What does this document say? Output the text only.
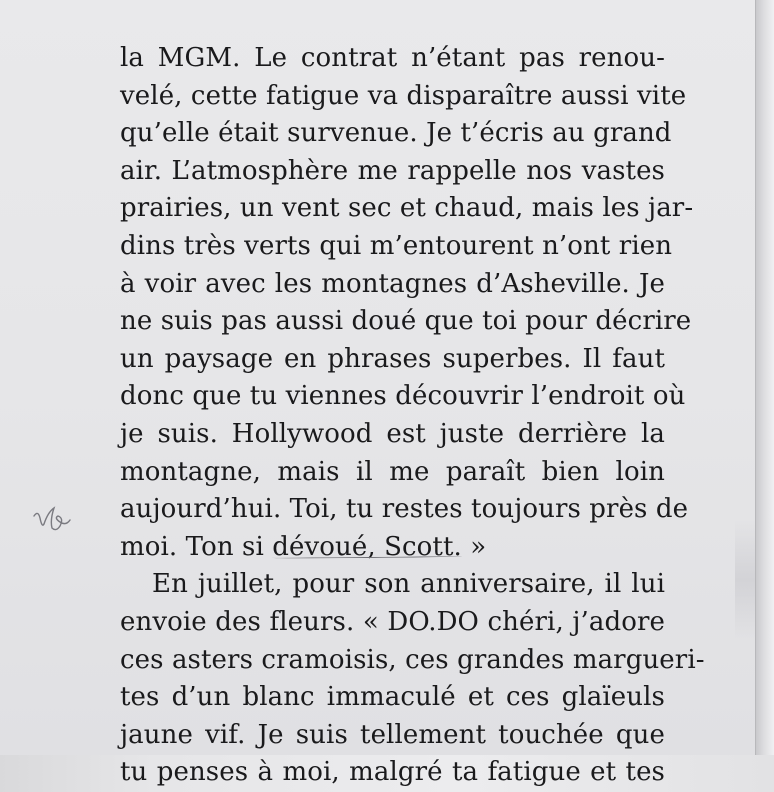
la MGM. Le contrat n’étant pas renou-
velé, cette fatigue va disparaître aussi vite
qu’elle était survenue. Je t’écris au grand
air. L’atmosphère me rappelle nos vastes
prairies, un vent sec et chaud, mais les jar-
dins très verts qui m’entourent n’ont rien
à voir avec les montagnes d’Asheville. Je
ne suis pas aussi doué que toi pour décrire
un paysage en phrases superbes. Il faut
donc que tu viennes découvrir l’endroit où
je suis. Hollywood est juste derrière la
montagne, mais il me paraît bien loin
aujourd’hui. Toi, tu restes toujours près de
moi. Ton si dévoué, Scott.
»
En juillet, pour son anniversaire, il lui
envoie des fleurs. « DO.DO chéri, j’adore
ces asters cramoisis, ces grandes margueri-
tes d’un blanc immaculé et ces glaïeuls
jaune vif. Je suis tellement touchée que
tu penses à moi, malgré ta fatigue et tes
